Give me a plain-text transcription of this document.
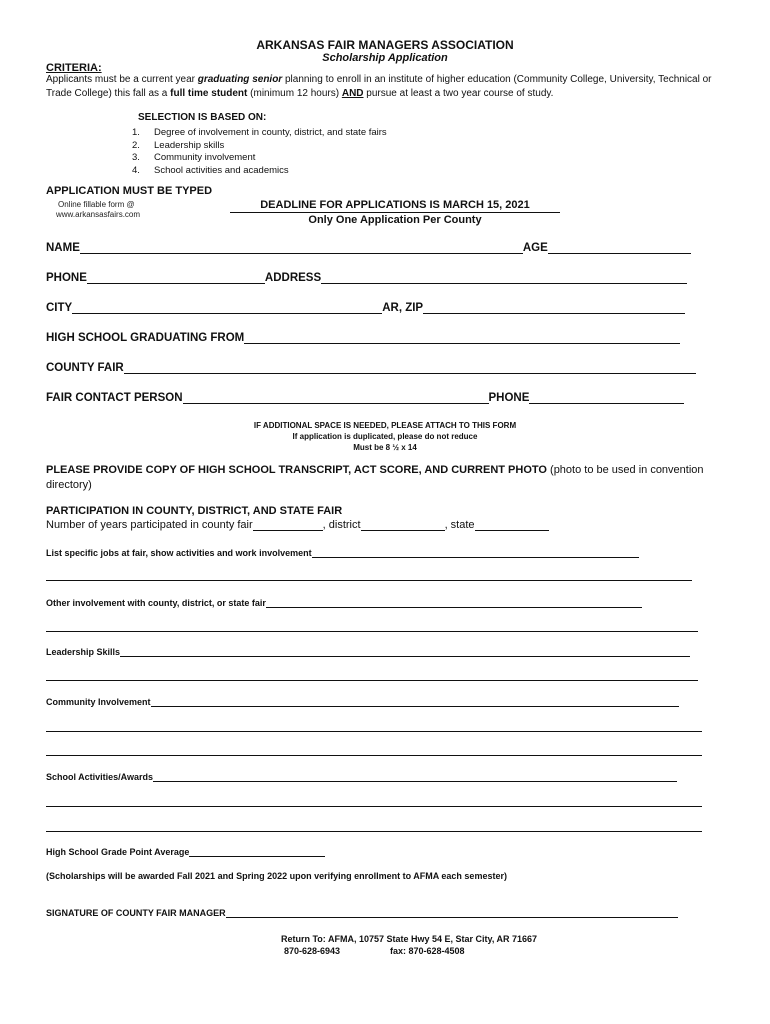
ARKANSAS FAIR MANAGERS ASSOCIATION
Scholarship Application
CRITERIA:
Applicants must be a current year graduating senior planning to enroll in an institute of higher education (Community College, University, Technical or Trade College) this fall as a full time student (minimum 12 hours) AND pursue at least a two year course of study.
SELECTION IS BASED ON:
1. Degree of involvement in county, district, and state fairs
2. Leadership skills
3. Community involvement
4. School activities and academics
APPLICATION MUST BE TYPED
Online fillable form @
www.arkansasfairs.com
DEADLINE FOR APPLICATIONS IS MARCH 15, 2021
Only One Application Per County
NAME	AGE
PHONE	ADDRESS
CITY	AR, ZIP
HIGH SCHOOL GRADUATING FROM
COUNTY FAIR
FAIR CONTACT PERSON	PHONE
IF ADDITIONAL SPACE IS NEEDED, PLEASE ATTACH TO THIS FORM
If application is duplicated, please do not reduce
Must be 8 ½ x 14
PLEASE PROVIDE COPY OF HIGH SCHOOL TRANSCRIPT, ACT SCORE, AND CURRENT PHOTO (photo to be used in convention directory)
PARTICIPATION IN COUNTY, DISTRICT, AND STATE FAIR
Number of years participated in county fair	, district	, state
List specific jobs at fair, show activities and work involvement
Other involvement with county, district, or state fair
Leadership Skills
Community Involvement
School Activities/Awards
High School Grade Point Average
(Scholarships will be awarded Fall 2021 and Spring 2022 upon verifying enrollment to AFMA each semester)
SIGNATURE OF COUNTY FAIR MANAGER
Return To: AFMA, 10757 State Hwy 54 E, Star City, AR 71667
870-628-6943	fax: 870-628-4508
